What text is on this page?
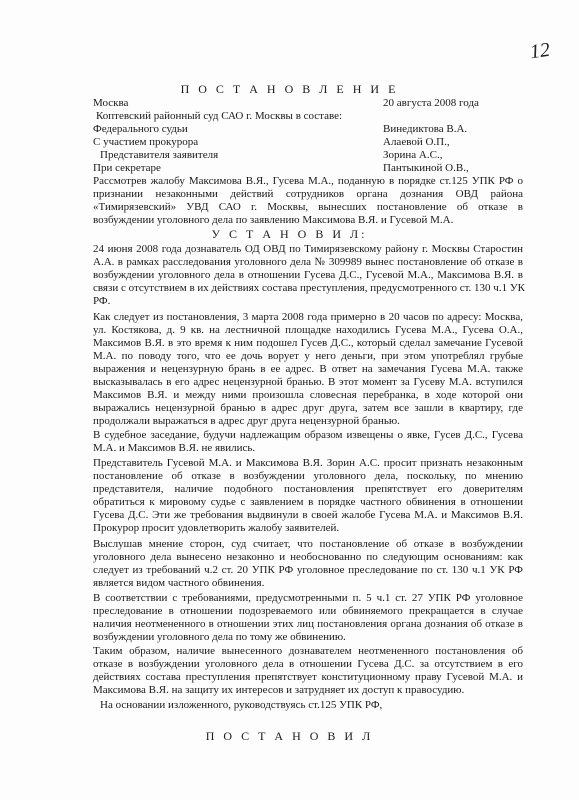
12
П О С Т А Н О В Л Е Н И Е
Москва	20 августа 2008 года
Коптевский районный суд САО г. Москвы в составе:
Федерального судьи	Винедиктова В.А.
С участием прокурора	Алаевой О.П.,
Представителя заявителя	Зорина А.С.,
При секретаре	Пантыкиной О.В.,
Рассмотрев жалобу Максимова В.Я., Гусева М.А., поданную в порядке ст.125 УПК РФ о
признании незаконными действий сотрудников органа дознания ОВД района
«Тимирязевский» УВД САО г. Москвы, вынесших постановление об отказе в
возбуждении уголовного дела по заявлению Максимова В.Я. и Гусевой М.А.
У С Т А Н О В И Л:
24 июня 2008 года дознаватель ОД ОВД по Тимирязевскому району г. Москвы Старостин
А.А. в рамках расследования уголовного дела № 309989 вынес постановление об отказе в
возбуждении уголовного дела в отношении Гусева Д.С., Гусевой М.А., Максимова В.Я. в
связи с отсутствием в их действиях состава преступления, предусмотренного ст. 130 ч.1 УК
РФ.
Как следует из постановления, 3 марта 2008 года примерно в 20 часов по адресу: Москва,
ул. Костякова, д. 9 кв. на лестничной площадке находились Гусева М.А., Гусева О.А.,
Максимов В.Я. в это время к ним подошел Гусев Д.С., который сделал замечание Гусевой
М.А. по поводу того, что ее дочь ворует у него деньги, при этом употреблял грубые
выражения и нецензурную брань в ее адрес. В ответ на замечания Гусева М.А. также
высказывалась в его адрес нецензурной бранью. В этот момент за Гусеву М.А. вступился
Максимов В.Я. и между ними произошла словесная перебранка, в ходе которой они
выражались нецензурной бранью в адрес друг друга, затем все зашли в квартиру, где
продолжали выражаться в адрес друг друга нецензурной бранью.
В судебное заседание, будучи надлежащим образом извещены о явке, Гусев Д.С., Гусева
М.А. и Максимов В.Я. не явились.
Представитель Гусевой М.А. и Максимова В.Я. Зорин А.С. просит признать незаконным
постановление об отказе в возбуждении уголовного дела, поскольку, по мнению
представителя, наличие подобного постановления препятствует его доверителям
обратиться к мировому судье с заявлением в порядке частного обвинения в отношении
Гусева Д.С. Эти же требования выдвинули в своей жалобе Гусева М.А. и Максимов В.Я.
Прокурор просит удовлетворить жалобу заявителей.
Выслушав мнение сторон, суд считает, что постановление об отказе в возбуждении
уголовного дела вынесено незаконно и необоснованно по следующим основаниям: как
следует из требований ч.2 ст. 20 УПК РФ уголовное преследование по ст. 130 ч.1 УК РФ
является видом частного обвинения.
В соответствии с требованиями, предусмотренными п. 5 ч.1 ст. 27 УПК РФ уголовное
преследование в отношении подозреваемого или обвиняемого прекращается в случае
наличия неотмененного в отношении этих лиц постановления органа дознания об отказе в
возбуждении уголовного дела по тому же обвинению.
Таким образом, наличие вынесенного дознавателем неотмененного постановления об
отказе в возбуждении уголовного дела в отношении Гусева Д.С. за отсутствием в его
действиях состава преступления препятствует конституционному праву Гусевой М.А. и
Максимова В.Я. на защиту их интересов и затрудняет их доступ к правосудию.
На основании изложенного, руководствуясь ст.125 УПК РФ,
П О С Т А Н О В И Л
